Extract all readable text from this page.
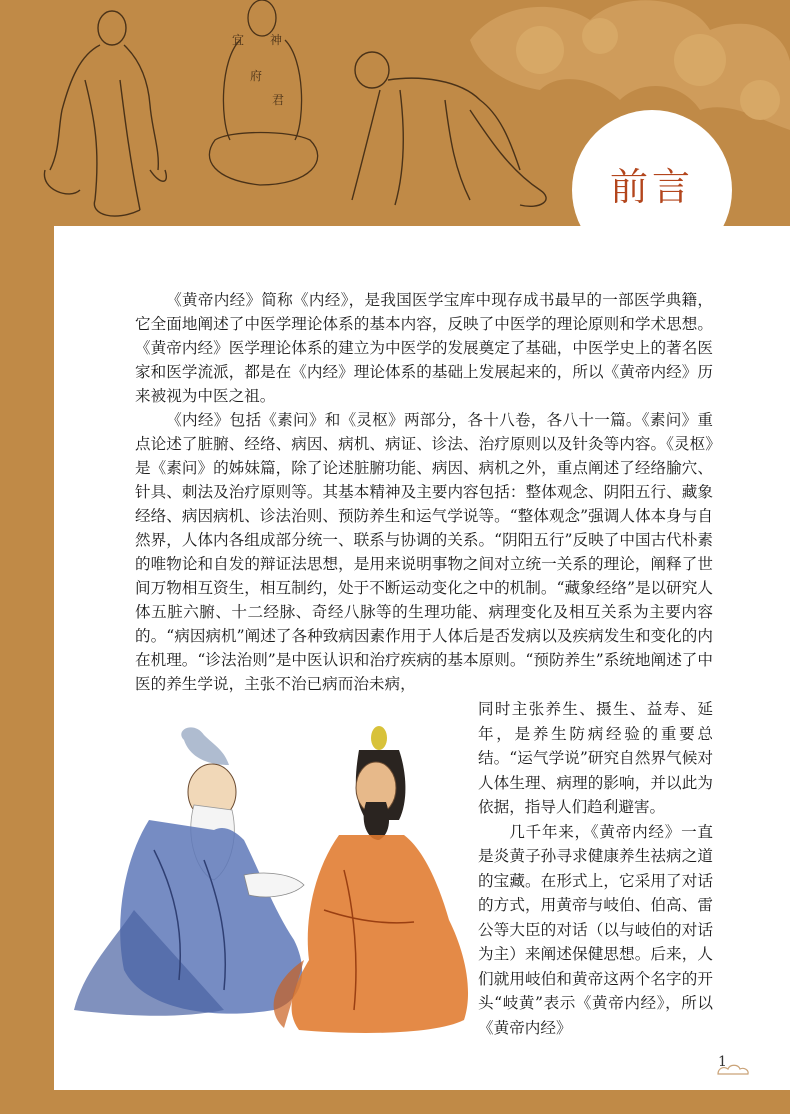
宜 神
府
君
前言

《黄帝内经》简称《内经》，是我国医学宝库中现存成书最早的一部医学典籍，它全面地阐述了中医学理论体系的基本内容，反映了中医学的理论原则和学术思想。《黄帝内经》医学理论体系的建立为中医学的发展奠定了基础，中医学史上的著名医家和医学流派，都是在《内经》理论体系的基础上发展起来的，所以《黄帝内经》历来被视为中医之祖。

《内经》包括《素问》和《灵枢》两部分，各十八卷，各八十一篇。《素问》重点论述了脏腑、经络、病因、病机、病证、诊法、治疗原则以及针灸等内容。《灵枢》是《素问》的姊妹篇，除了论述脏腑功能、病因、病机之外，重点阐述了经络腧穴、针具、刺法及治疗原则等。其基本精神及主要内容包括：整体观念、阴阳五行、藏象经络、病因病机、诊法治则、预防养生和运气学说等。“整体观念”强调人体本身与自然界，人体内各组成部分统一、联系与协调的关系。“阴阳五行”反映了中国古代朴素的唯物论和自发的辩证法思想，是用来说明事物之间对立统一关系的理论，阐释了世间万物相互资生，相互制约，处于不断运动变化之中的机制。“藏象经络”是以研究人体五脏六腑、十二经脉、奇经八脉等的生理功能、病理变化及相互关系为主要内容的。“病因病机”阐述了各种致病因素作用于人体后是否发病以及疾病发生和变化的内在机理。“诊法治则”是中医认识和治疗疾病的基本原则。“预防养生”系统地阐述了中医的养生学说，主张不治已病而治未病，

同时主张养生、摄生、益寿、延年，是养生防病经验的重要总结。“运气学说”研究自然界气候对人体生理、病理的影响，并以此为依据，指导人们趋利避害。

几千年来，《黄帝内经》一直是炎黄子孙寻求健康养生祛病之道的宝藏。在形式上，它采用了对话的方式，用黄帝与岐伯、伯高、雷公等大臣的对话（以与岐伯的对话为主）来阐述保健思想。后来，人们就用岐伯和黄帝这两个名字的开头“岐黄”表示《黄帝内经》，所以《黄帝内经》

1
